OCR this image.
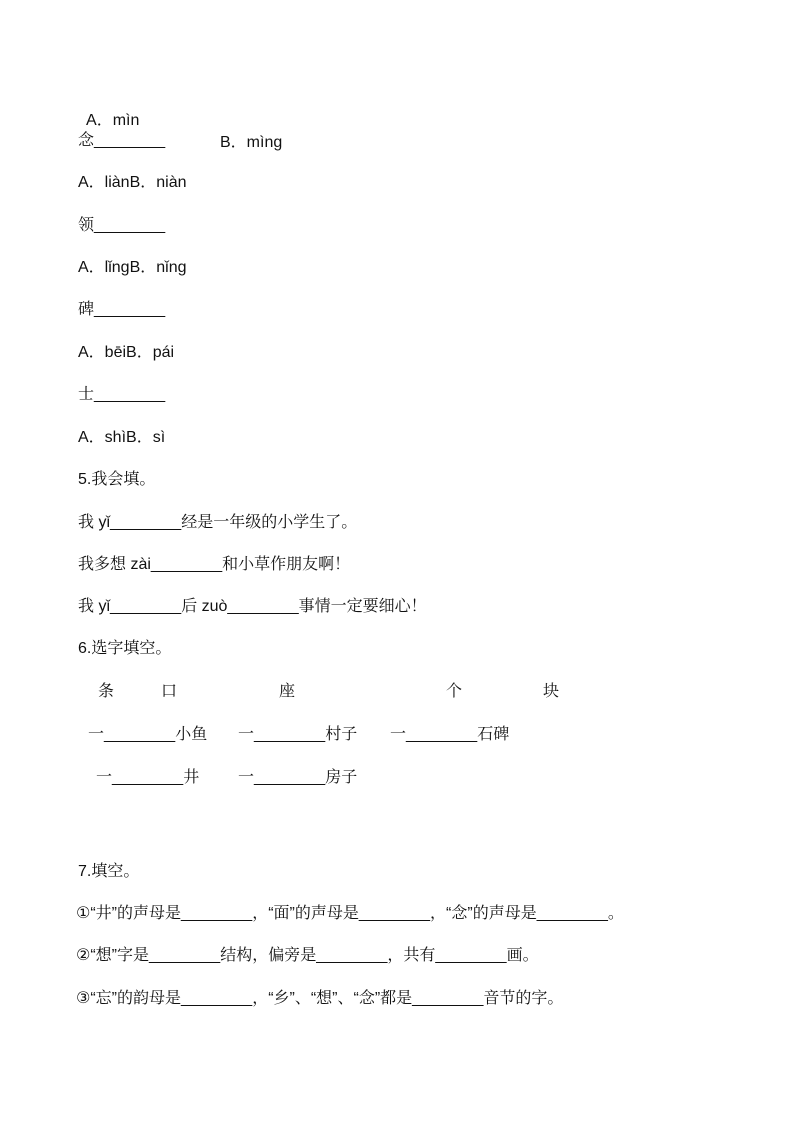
A．mìn

B．mìng

念________
A．liànB．niàn
领________
A．lǐngB．nǐng
碑________
A．bēiB．pái
士________
A．shìB．sì
5.我会填。
我 yǐ________经是一年级的小学生了。
我多想 zài________和小草作朋友啊！
我 yǐ________后 zuò________事情一定要细心！
6.选字填空。
条	口	座	个	块
一________小鱼 一________村子 一________石碑
一________井 一________房子
7.填空。
①“井”的声母是________，“面”的声母是________，“念”的声母是________。
②“想”字是________结构，偏旁是________，共有________画。
③“忘”的韵母是________，“乡”、“想”、“念”都是________音节的字。
